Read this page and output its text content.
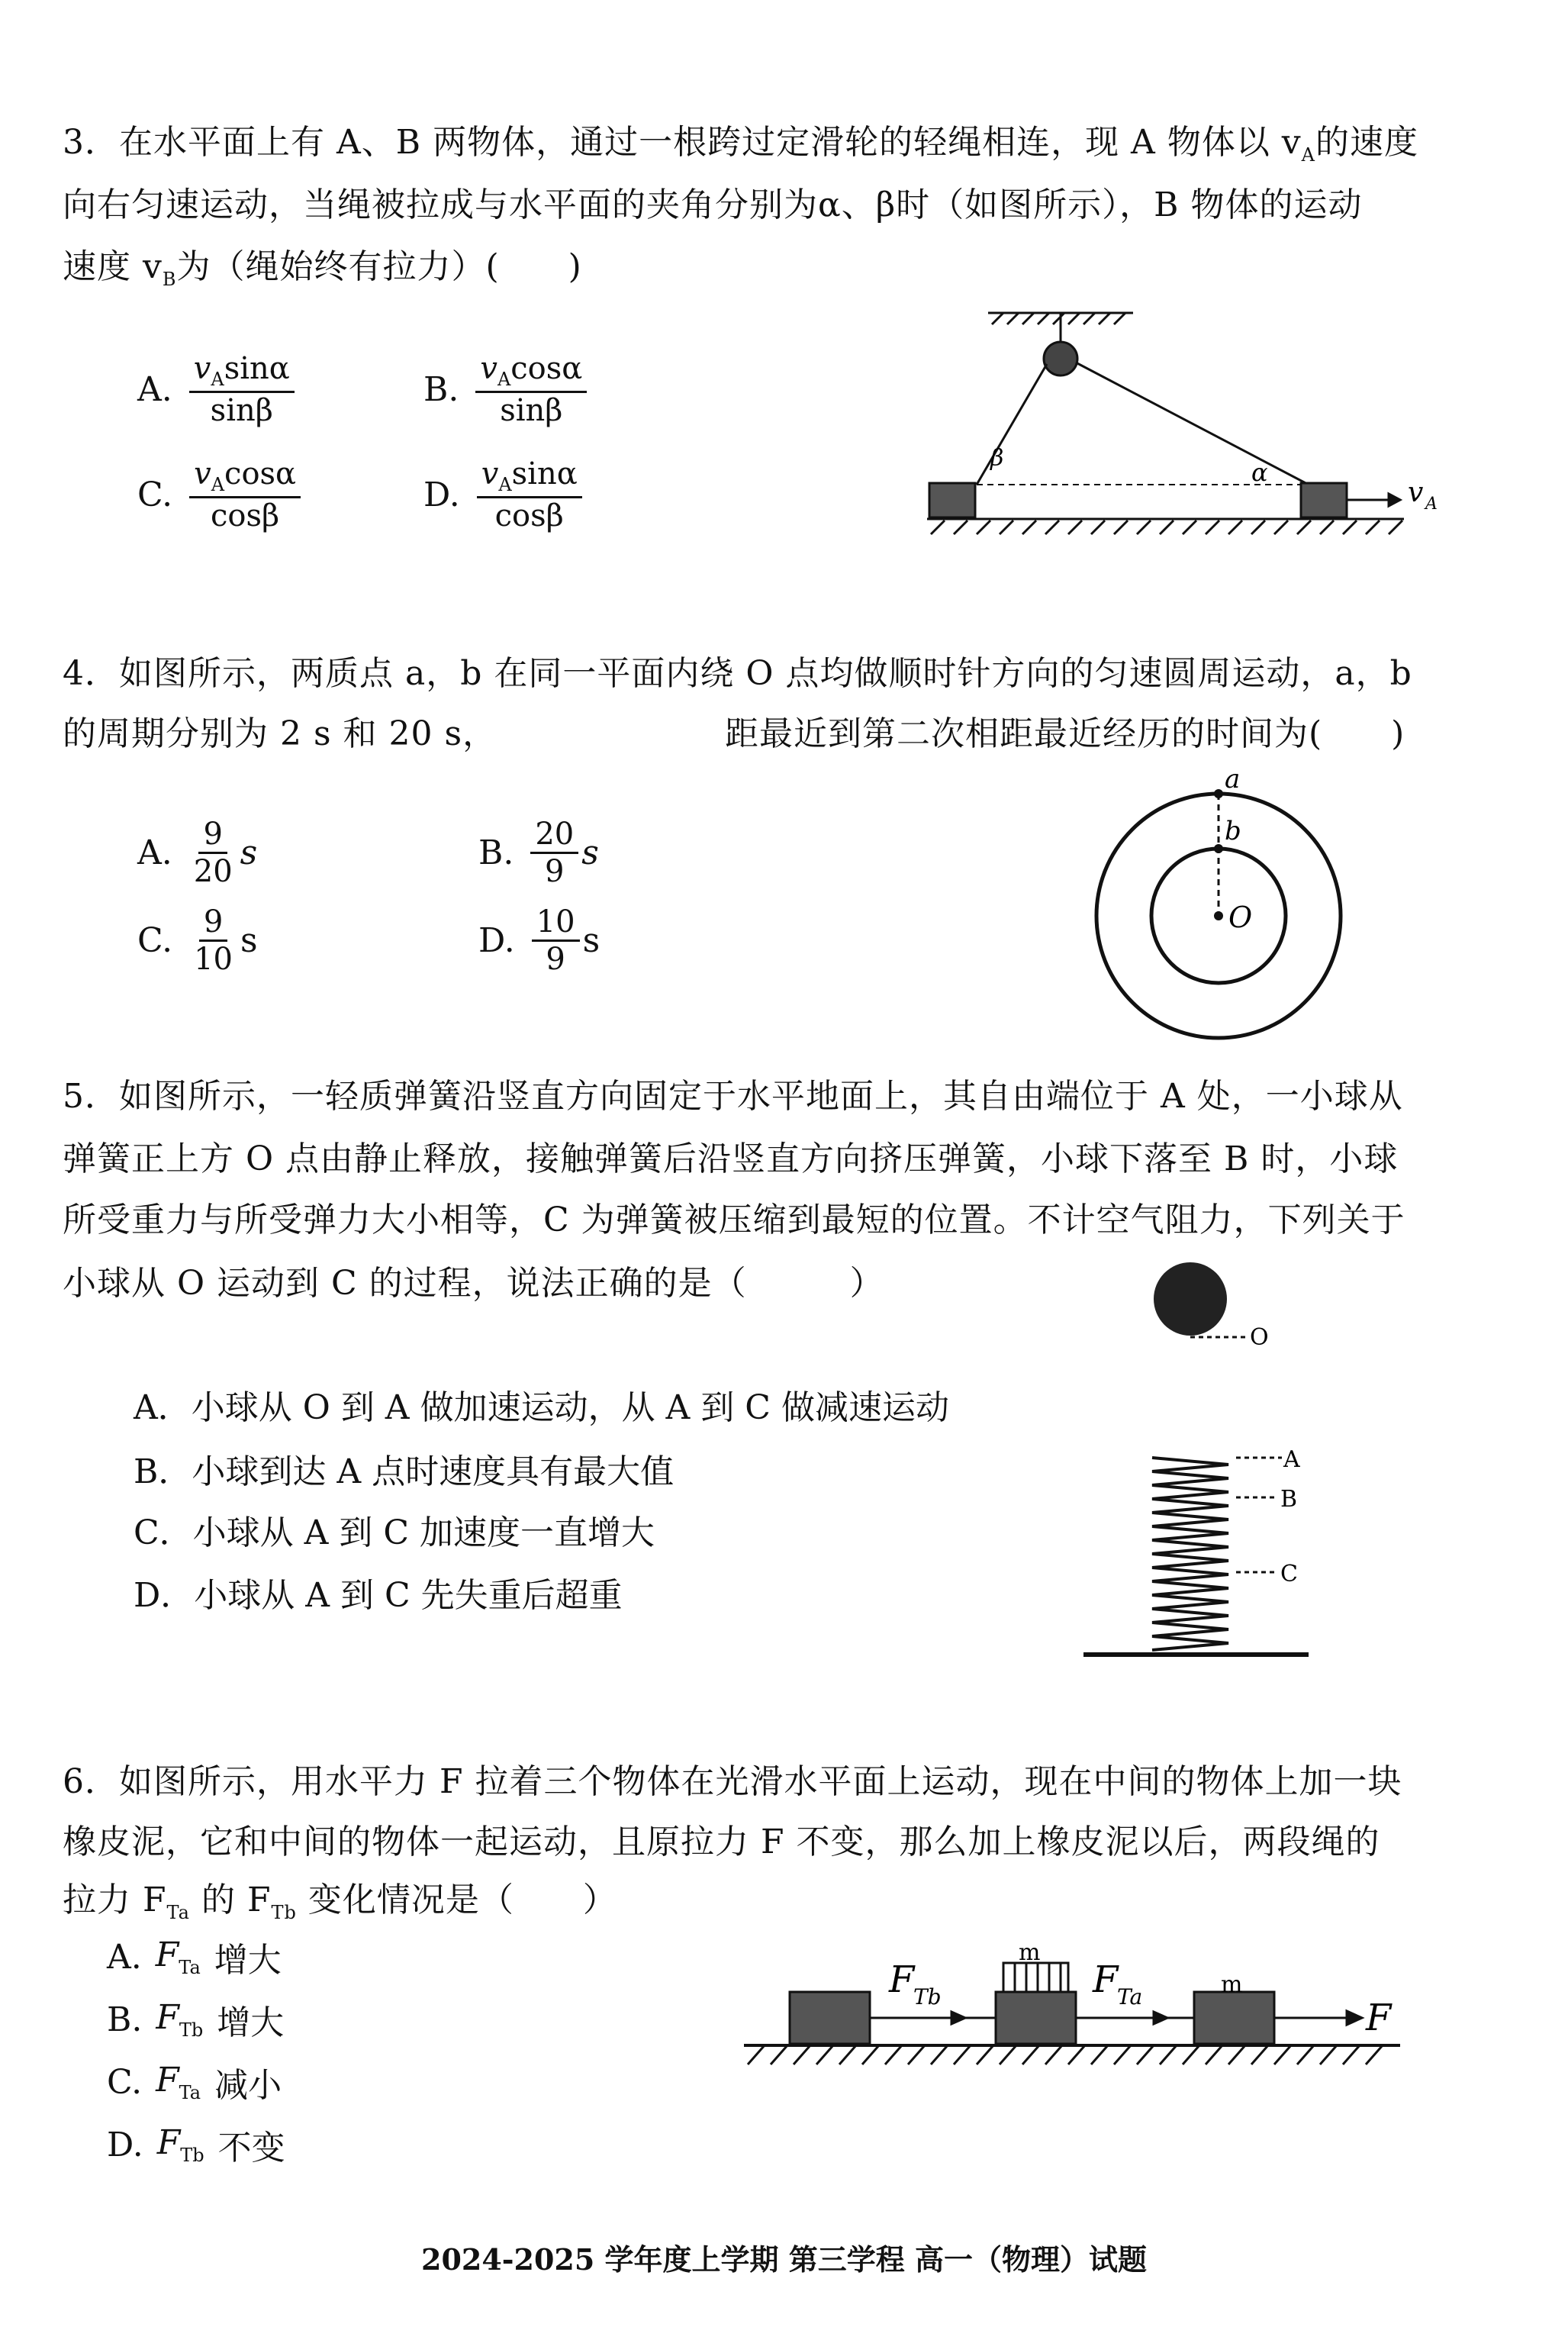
3．在水平面上有 A、B 两物体，通过一根跨过定滑轮的轻绳相连，现 A 物体以 $v_A$的速度
向右匀速运动，当绳被拉成与水平面的夹角分别为α、β时（如图所示），B 物体的运动
速度 $v_B$为（绳始终有拉力）(　　)
A. $\frac{v_A\sin\alpha}{\sin\beta}$	B. $\frac{v_A\cos\alpha}{\sin\beta}$
C. $\frac{v_A\cos\alpha}{\cos\beta}$	D. $\frac{v_A\sin\alpha}{\cos\beta}$	β	α
v A
4．如图所示，两质点 a，b 在同一平面内绕 O 点均做顺时针方向的匀速圆周运动，a，b
的周期分别为 2 s 和 20 s，	距最近到第二次相距最近经历的时间为(　　)
A. $\frac{9}{20}$ s	B. $\frac{20}{9}$ s
C. $\frac{9}{10}$ s	D. $\frac{10}{9}$ s
a
b
O
5．如图所示，一轻质弹簧沿竖直方向固定于水平地面上，其自由端位于 A 处，一小球从
弹簧正上方 O 点由静止释放，接触弹簧后沿竖直方向挤压弹簧，小球下落至 B 时，小球
所受重力与所受弹力大小相等，C 为弹簧被压缩到最短的位置。不计空气阻力，下列关于
小球从 O 运动到 C 的过程，说法正确的是（　　　）
A．小球从 O 到 A 做加速运动，从 A 到 C 做减速运动
B．小球到达 A 点时速度具有最大值
C．小球从 A 到 C 加速度一直增大
D．小球从 A 到 C 先失重后超重
O
A
B
C
6．如图所示，用水平力 F 拉着三个物体在光滑水平面上运动，现在中间的物体上加一块
橡皮泥，它和中间的物体一起运动，且原拉力 F 不变，那么加上橡皮泥以后，两段绳的
拉力 $F_{Ta}$ 的 $F_{Tb}$ 变化情况是（　　）
A. $F_{Ta}$ 增大
B. $F_{Tb}$ 增大
C. $F_{Ta}$ 减小
D. $F_{Tb}$ 不变
F
Tb	F
Ta
m
m
F
2024-2025 学年度上学期 第三学程 高一（物理）试题
